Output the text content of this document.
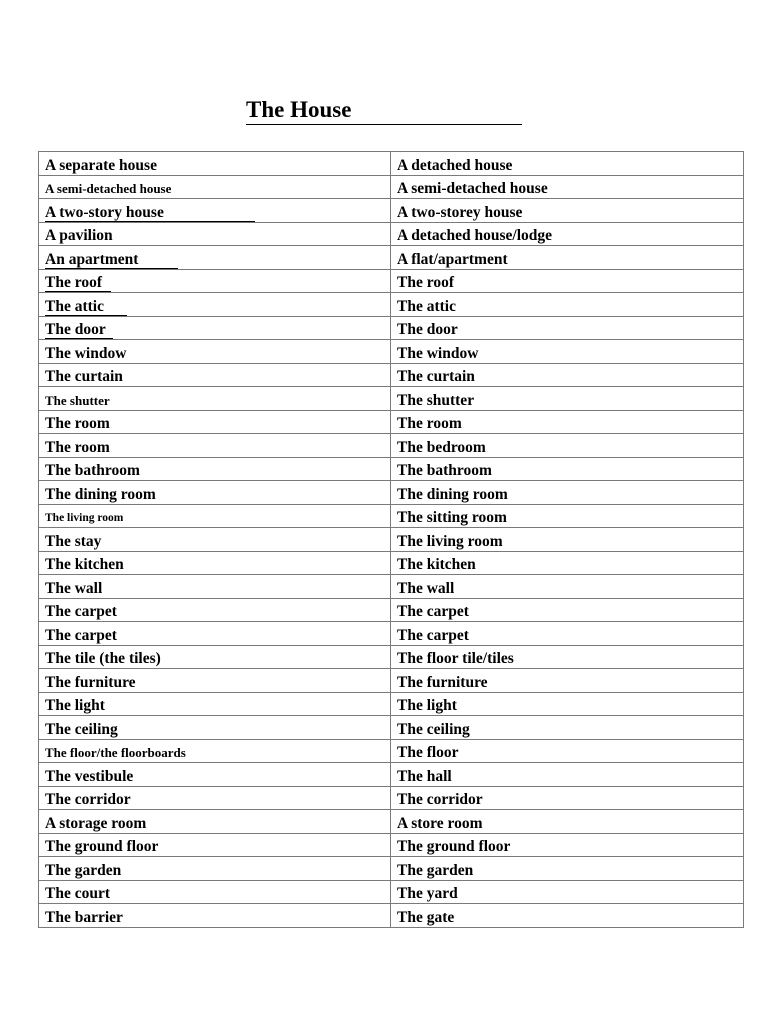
The House
A separate house	A detached house
A semi-detached house	A semi-detached house
A two-story house	A two-storey house
A pavilion	A detached house/lodge
An apartment	A flat/apartment
The roof	The roof
The attic	The attic
The door	The door
The window	The window
The curtain	The curtain
The shutter	The shutter
The room	The room
The room	The bedroom
The bathroom	The bathroom
The dining room	The dining room
The living room	The sitting room
The stay	The living room
The kitchen	The kitchen
The wall	The wall
The carpet	The carpet
The carpet	The carpet
The tile (the tiles)	The floor tile/tiles
The furniture	The furniture
The light	The light
The ceiling	The ceiling
The floor/the floorboards	The floor
The vestibule	The hall
The corridor	The corridor
A storage room	A store room
The ground floor	The ground floor
The garden	The garden
The court	The yard
The barrier	The gate
